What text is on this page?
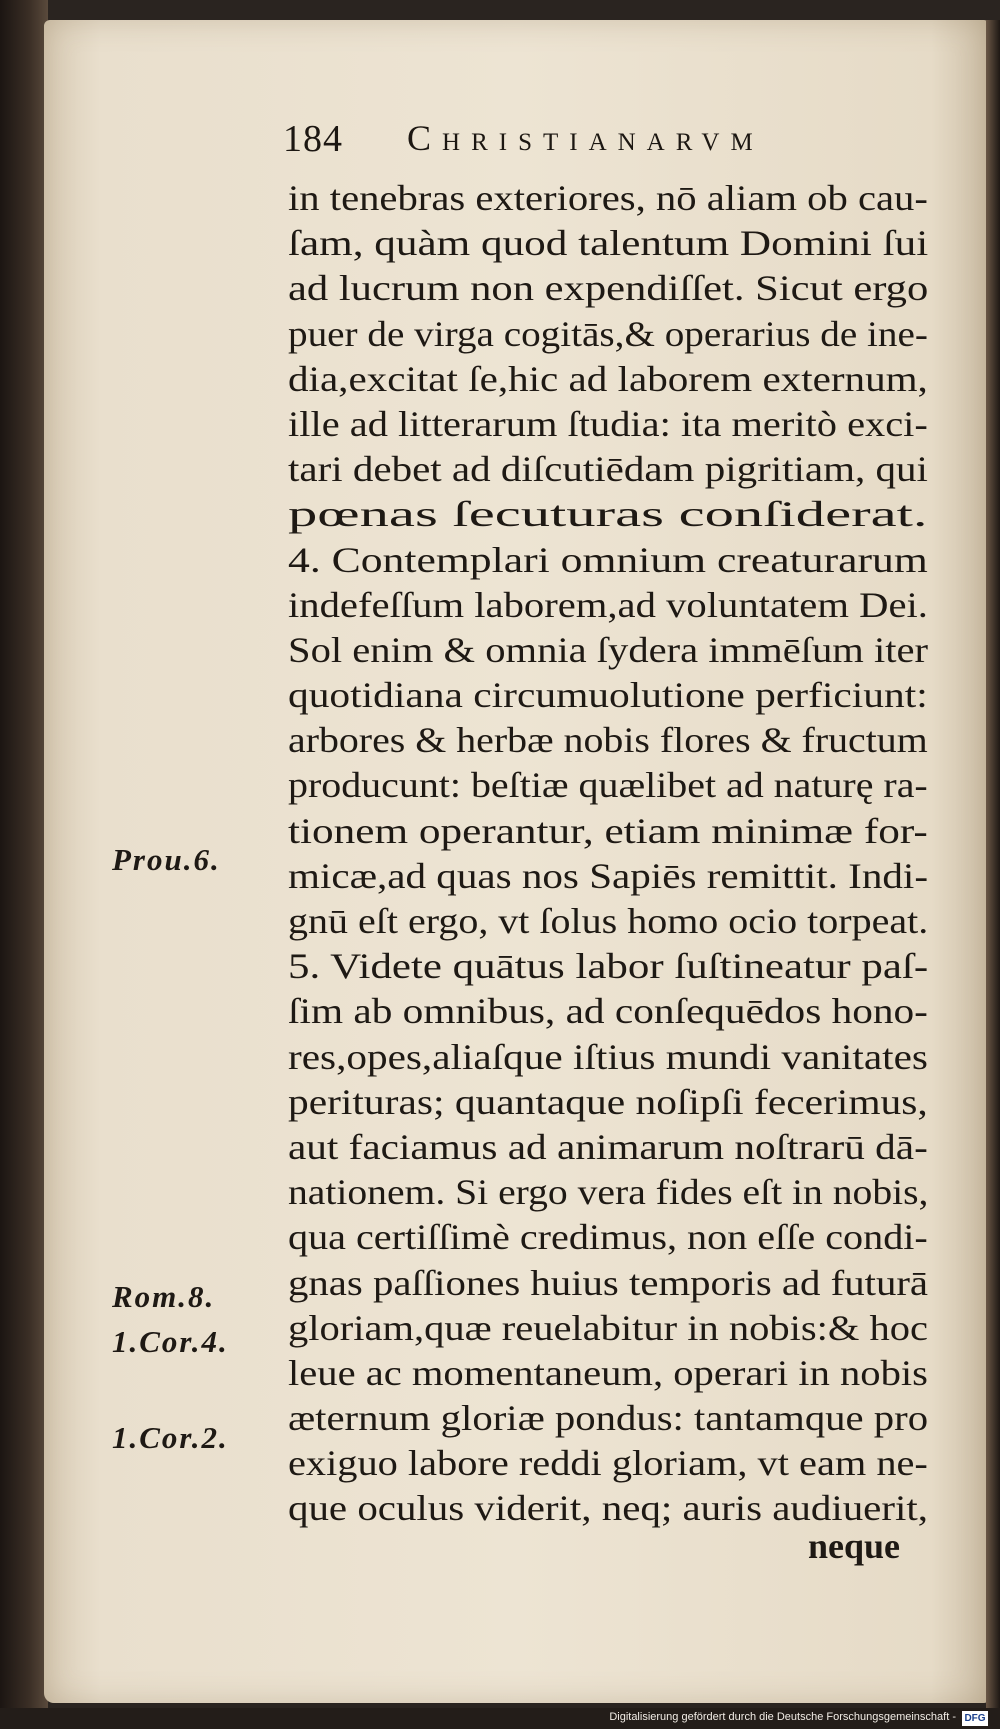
184 Christianarvm
in tenebras exteriores, nō aliam ob cau- ſam, quàm quod talentum Domini ſui ad lucrum non expendiſſet. Sicut ergo puer de virga cogitās,& operarius de ine- dia,excitat ſe,hic ad laborem externum, ille ad litterarum ſtudia: ita meritò exci- tari debet ad diſcutiēdam pigritiam, qui pœnas ſecuturas conſiderat. 4. Contemplari omnium creaturarum indefeſſum laborem,ad voluntatem Dei. Sol enim & omnia ſydera immēſum iter quotidiana circumuolutione perficiunt: arbores & herbæ nobis flores & fructum producunt: beſtiæ quælibet ad naturę ra- tionem operantur, etiam minimæ for- micæ,ad quas nos Sapiēs remittit. Indi- gnū eſt ergo, vt ſolus homo ocio torpeat. 5. Videte quātus labor ſuſtineatur paſ- ſim ab omnibus, ad conſequēdos hono- res,opes,aliaſque iſtius mundi vanitates perituras; quantaque noſipſi fecerimus, aut faciamus ad animarum noſtrarū dā- nationem. Si ergo vera fides eſt in nobis, qua certiſſimè credimus, non eſſe condi- gnas paſſiones huius temporis ad futurā gloriam,quæ reuelabitur in nobis:& hoc leue ac momentaneum, operari in nobis æternum gloriæ pondus: tantamque pro exiguo labore reddi gloriam, vt eam ne- que oculus viderit, neq; auris audiuerit,
neque
Prou.6.
Rom.8.
1.Cor.4.
1.Cor.2.
Digitalisierung gefördert durch die Deutsche Forschungsgemeinschaft - DFG
